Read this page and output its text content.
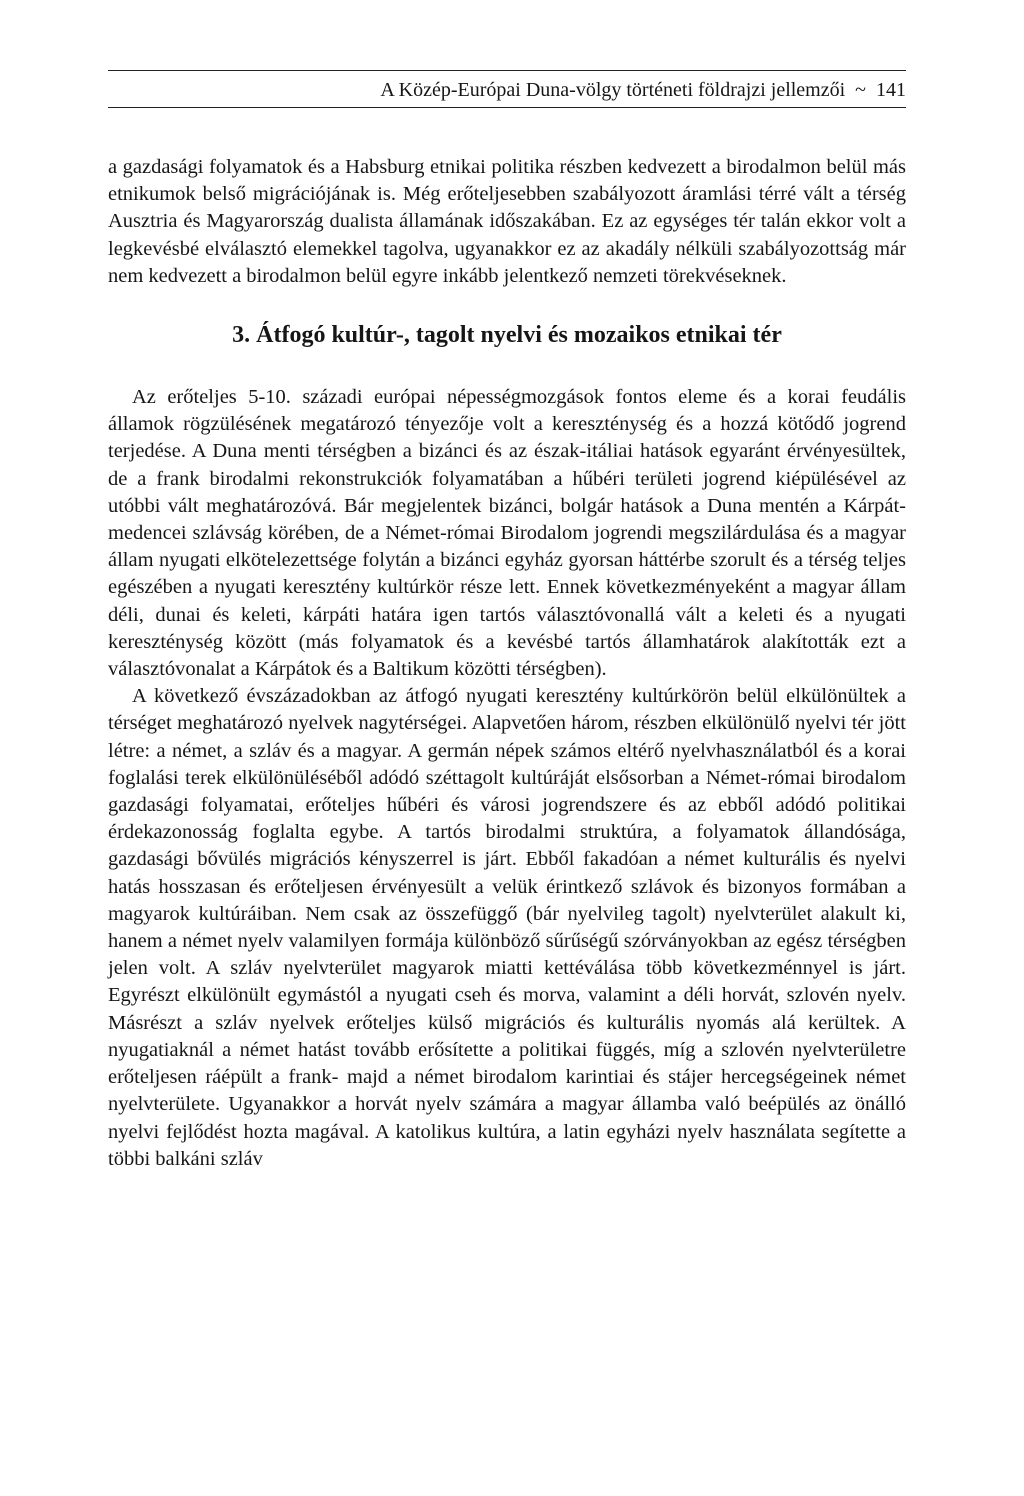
A Közép-Európai Duna-völgy történeti földrajzi jellemzői ~ 141

a gazdasági folyamatok és a Habsburg etnikai politika részben kedvezett a birodalmon belül más etnikumok belső migrációjának is. Még erőteljesebben szabályozott áramlási térré vált a térség Ausztria és Magyarország dualista államának időszakában. Ez az egységes tér talán ekkor volt a legkevésbé elválasztó elemekkel tagolva, ugyanakkor ez az akadály nélküli szabályozottság már nem kedvezett a birodalmon belül egyre inkább jelentkező nemzeti törekvéseknek.

3. Átfogó kultúr-, tagolt nyelvi és mozaikos etnikai tér

Az erőteljes 5-10. századi európai népességmozgások fontos eleme és a korai feudális államok rögzülésének megatározó tényezője volt a kereszténység és a hozzá kötődő jogrend terjedése. A Duna menti térségben a bizánci és az észak-itáliai hatások egyaránt érvényesültek, de a frank birodalmi rekonstrukciók folyamatában a hűbéri területi jogrend kiépülésével az utóbbi vált meghatározóvá. Bár megjelentek bizánci, bolgár hatások a Duna mentén a Kárpát-medencei szlávság körében, de a Német-római Birodalom jogrendi megszilárdulása és a magyar állam nyugati elkötelezettsége folytán a bizánci egyház gyorsan háttérbe szorult és a térség teljes egészében a nyugati keresztény kultúrkör része lett. Ennek következményeként a magyar állam déli, dunai és keleti, kárpáti határa igen tartós választóvonallá vált a keleti és a nyugati kereszténység között (más folyamatok és a kevésbé tartós államhatárok alakították ezt a választóvonalat a Kárpátok és a Baltikum közötti térségben).

A következő évszázadokban az átfogó nyugati keresztény kultúrkörön belül elkülönültek a térséget meghatározó nyelvek nagytérségei. Alapvetően három, részben elkülönülő nyelvi tér jött létre: a német, a szláv és a magyar. A germán népek számos eltérő nyelvhasználatból és a korai foglalási terek elkülönüléséből adódó széttagolt kultúráját elsősorban a Német-római birodalom gazdasági folyamatai, erőteljes hűbéri és városi jogrendszere és az ebből adódó politikai érdekazonosság foglalta egybe. A tartós birodalmi struktúra, a folyamatok állandósága, gazdasági bővülés migrációs kényszerrel is járt. Ebből fakadóan a német kulturális és nyelvi hatás hosszasan és erőteljesen érvényesült a velük érintkező szlávok és bizonyos formában a magyarok kultúráiban. Nem csak az összefüggő (bár nyelvileg tagolt) nyelvterület alakult ki, hanem a német nyelv valamilyen formája különböző sűrűségű szórványokban az egész térségben jelen volt. A szláv nyelvterület magyarok miatti kettéválása több következménnyel is járt. Egyrészt elkülönült egymástól a nyugati cseh és morva, valamint a déli horvát, szlovén nyelv. Másrészt a szláv nyelvek erőteljes külső migrációs és kulturális nyomás alá kerültek. A nyugatiaknál a német hatást tovább erősítette a politikai függés, míg a szlovén nyelvterületre erőteljesen ráépült a frank- majd a német birodalom karintiai és stájer hercegségeinek német nyelvterülete. Ugyanakkor a horvát nyelv számára a magyar államba való beépülés az önálló nyelvi fejlődést hozta magával. A katolikus kultúra, a latin egyházi nyelv használata segítette a többi balkáni szláv
